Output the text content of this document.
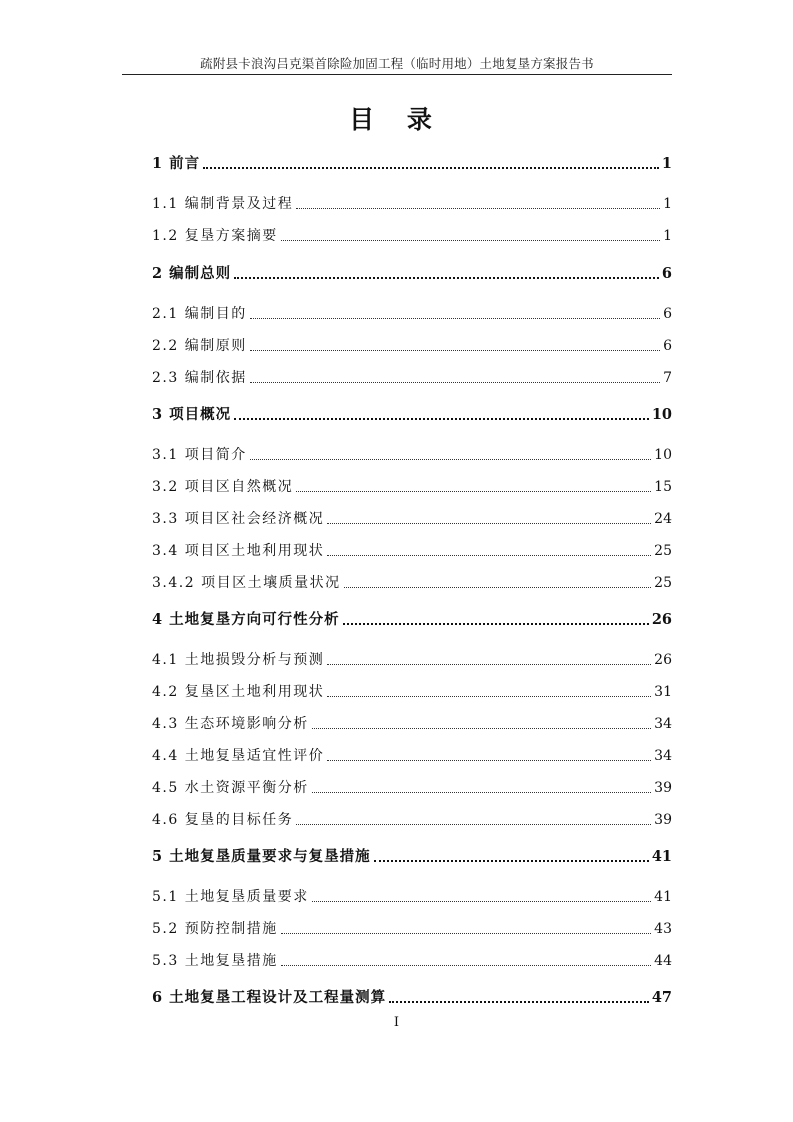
疏附县卡浪沟吕克渠首除险加固工程（临时用地）土地复垦方案报告书
目 录
1 前言	1
1.1 编制背景及过程	1
1.2 复垦方案摘要	1
2 编制总则	6
2.1 编制目的	6
2.2 编制原则	6
2.3 编制依据	7
3 项目概况	10
3.1 项目简介	10
3.2 项目区自然概况	15
3.3 项目区社会经济概况	24
3.4 项目区土地利用现状	25
3.4.2 项目区土壤质量状况	25
4 土地复垦方向可行性分析	26
4.1 土地损毁分析与预测	26
4.2 复垦区土地利用现状	31
4.3 生态环境影响分析	34
4.4 土地复垦适宜性评价	34
4.5 水土资源平衡分析	39
4.6 复垦的目标任务	39
5 土地复垦质量要求与复垦措施	41
5.1 土地复垦质量要求	41
5.2 预防控制措施	43
5.3 土地复垦措施	44
6 土地复垦工程设计及工程量测算	47
I
